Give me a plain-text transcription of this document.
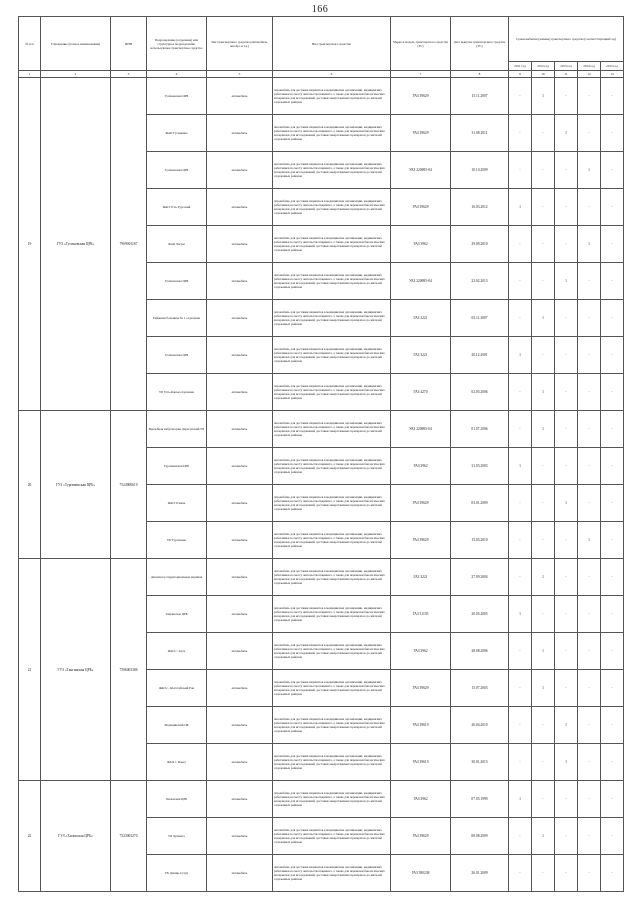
166
№ п/п	Учреждение (полное наименование)	ИНН	Подразделение (отделение) или структурное подразделение, использующее транспортное средство	Тип транспортного средства (автомобиль, автобус и т.д.)	Вид транспортного средства	Марка и модель транспортного средства (ТС)	Дата выпуска транспортного средства (ТС)	Сроки выбытия (замены) транспортного средства (соответствующий год)				
								2011 год	2012 год	2013 год	2014 год	2015 год
1	2	3	4	5	6	7	8	9	10	11	12	13
19	ГУЗ «Гусиновская ЦРБ»	7909001167	Гусиновская ЦРБ	автомобиль	автомобиль для доставки пациентов в медицинские организации, медицинских работников по месту жительства пациента, а также для перевозки биологических материалов для исследований, доставки лекарственных препаратов до жителей отдаленных районов	УАЗ 39629	15.11.2007	-	1	-	-	-
			ФАП Гусиновка	автомобиль	автомобиль для доставки пациентов в медицинские организации, медицинских работников по месту жительства пациента, а также для перевозки биологических материалов для исследований, доставки лекарственных препаратов до жителей отдаленных районов	УАЗ 39629	31.08.2011	-	-	1	-	-
			Гусиновская ЦРБ	автомобиль	автомобиль для доставки пациентов в медицинские организации, медицинских работников по месту жительства пациента, а также для перевозки биологических материалов для исследований, доставки лекарственных препаратов до жителей отдаленных районов	УАЗ 220695-04	10.10.2009	-	-	-	1	-
			ФАП Усть-Тургский	автомобиль	автомобиль для доставки пациентов в медицинские организации, медицинских работников по месту жительства пациента, а также для перевозки биологических материалов для исследований, доставки лекарственных препаратов до жителей отдаленных районов	УАЗ 39629	16.03.2012	1	-	-	-	-
			ФАП Ласры	автомобиль	автомобиль для доставки пациентов в медицинские организации, медицинских работников по месту жительства пациента, а также для перевозки биологических материалов для исследований, доставки лекарственных препаратов до жителей отдаленных районов	УАЗ 3962	29.09.2010	-	-	-	1	-
			Гусиновская ЦРБ	автомобиль	автомобиль для доставки пациентов в медицинские организации, медицинских работников по месту жительства пациента, а также для перевозки биологических материалов для исследований, доставки лекарственных препаратов до жителей отдаленных районов	УАЗ 220695-04	23.02.2013	-	-	1	-	-
			Районная больница № 1 отделение	автомобиль	автомобиль для доставки пациентов в медицинские организации, медицинских работников по месту жительства пациента, а также для перевозки биологических материалов для исследований, доставки лекарственных препаратов до жителей отдаленных районов	ГАЗ 3221	03.11.2007	-	1	-	-	-
			Гусиновская ЦРБ	автомобиль	автомобиль для доставки пациентов в медицинские организации, медицинских работников по месту жительства пациента, а также для перевозки биологических материалов для исследований, доставки лекарственных препаратов до жителей отдаленных районов	ГАЗ 3221	20.12.2001	1	-	-	-	-
			УБ Усть-Каръи отделение	автомобиль	автомобиль для доставки пациентов в медицинские организации, медицинских работников по месту жительства пациента, а также для перевозки биологических материалов для исследований, доставки лекарственных препаратов до жителей отдаленных районов	ГАЗ 4270	02.05.2006	-	1	-	-	-
20	ГУЗ «Тургенинская ЦРБ»	7524000619	Врачебная амбулатория Дарасунский УБ	автомобиль	автомобиль для доставки пациентов в медицинские организации, медицинских работников по месту жительства пациента, а также для перевозки биологических материалов для исследований, доставки лекарственных препаратов до жителей отдаленных районов	УАЗ 220695-04	01.07.2006	-	1	-	-	-
			Тургенинская ЦРБ	автомобиль	автомобиль для доставки пациентов в медицинские организации, медицинских работников по месту жительства пациента, а также для перевозки биологических материалов для исследований, доставки лекарственных препаратов до жителей отдаленных районов	УАЗ 3962	31.03.2003	1	-	-	-	-
			ФАП Усмань	автомобиль	автомобиль для доставки пациентов в медицинские организации, медицинских работников по месту жительства пациента, а также для перевозки биологических материалов для исследований, доставки лекарственных препаратов до жителей отдаленных районов	УАЗ 39629	03.01.2009	-	-	1	-	-
			УБ Тургенино	автомобиль	автомобиль для доставки пациентов в медицинские организации, медицинских работников по месту жительства пациента, а также для перевозки биологических материалов для исследований, доставки лекарственных препаратов до жителей отдаленных районов	УАЗ 39629	15.03.2010	-	-	-	1	-
21	ГУЗ «Тангинская ЦРБ»	7506003386	Диспансер территориальных медиков	автомобиль	автомобиль для доставки пациентов в медицинские организации, медицинских работников по месту жительства пациента, а также для перевозки биологических материалов для исследований, доставки лекарственных препаратов до жителей отдаленных районов	ГАЗ 3221	27.09.2004	-	1	-	-	-
			Тангинская ЦРБ	автомобиль	автомобиль для доставки пациентов в медицинские организации, медицинских работников по месту жительства пациента, а также для перевозки биологических материалов для исследований, доставки лекарственных препаратов до жителей отдаленных районов	ГАЗ 31105	20.05.2005	1	-	-	-	-
			ФАП с. Арта	автомобиль	автомобиль для доставки пациентов в медицинские организации, медицинских работников по месту жительства пациента, а также для перевозки биологических материалов для исследований, доставки лекарственных препаратов до жителей отдаленных районов	УАЗ 3962	28.08.2006	-	1	-	-	-
			ФАП с. Абагатуйский Рон	автомобиль	автомобиль для доставки пациентов в медицинские организации, медицинских работников по месту жительства пациента, а также для перевозки биологических материалов для исследований, доставки лекарственных препаратов до жителей отдаленных районов	УАЗ 39629	15.07.2003	-	1	-	-	-
			Медицинский ЦБ	автомобиль	автомобиль для доставки пациентов в медицинские организации, медицинских работников по месту жительства пациента, а также для перевозки биологических материалов для исследований, доставки лекарственных препаратов до жителей отдаленных районов	УАЗ 39619	26.04.2010	-	-	1	-	-
			ФАП с. Ильгу	автомобиль	автомобиль для доставки пациентов в медицинские организации, медицинских работников по месту жительства пациента, а также для перевозки биологических материалов для исследований, доставки лекарственных препаратов до жителей отдаленных районов	УАЗ 39619	30.01.2013	-	-	1	-	-
22	ГУЗ «Хилокская ЦРБ»	7523003270	Хилокская ЦРБ	автомобиль	автомобиль для доставки пациентов в медицинские организации, медицинских работников по месту жительства пациента, а также для перевозки биологических материалов для исследований, доставки лекарственных препаратов до жителей отдаленных районов	УАЗ 3962	07.05.1999	1	-	-	-	-
			УБ Хушенга	автомобиль	автомобиль для доставки пациентов в медицинские организации, медицинских работников по месту жительства пациента, а также для перевозки биологических материалов для исследований, доставки лекарственных препаратов до жителей отдаленных районов	УАЗ 39629	08.08.2009	-	1	-	-	-
			УБ Дешир-Сутур	автомобиль	автомобиль для доставки пациентов в медицинские организации, медицинских работников по месту жительства пациента, а также для перевозки биологических материалов для исследований, доставки лекарственных препаратов до жителей отдаленных районов	УАЗ 390238	26.01.2009	-	-	-	-	-
